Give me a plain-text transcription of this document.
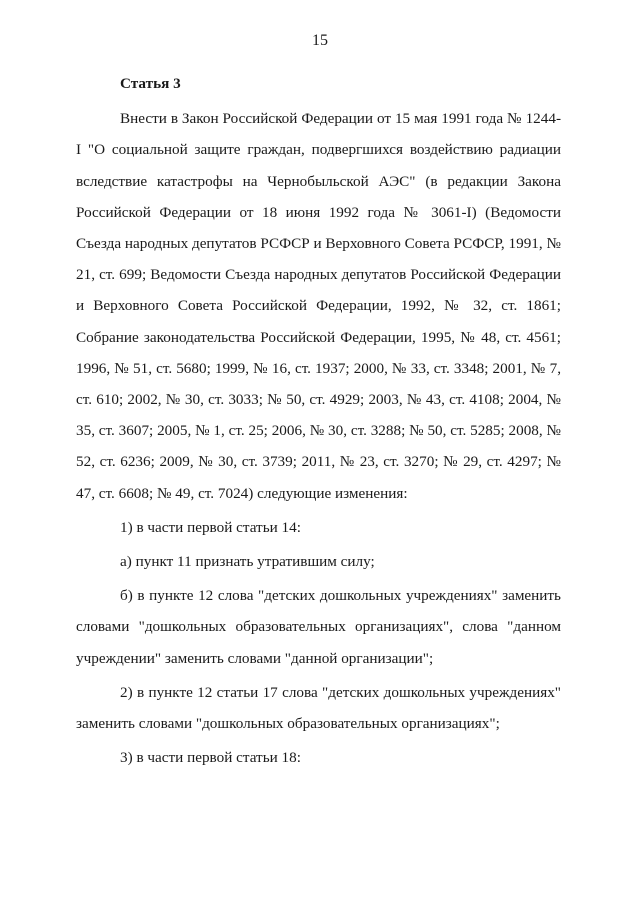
15
Статья 3

Внести в Закон Российской Федерации от 15 мая 1991 года № 1244-I "О социальной защите граждан, подвергшихся воздействию радиации вследствие катастрофы на Чернобыльской АЭС" (в редакции Закона Российской Федерации от 18 июня 1992 года № 3061-I) (Ведомости Съезда народных депутатов РСФСР и Верховного Совета РСФСР, 1991, № 21, ст. 699; Ведомости Съезда народных депутатов Российской Федерации и Верховного Совета Российской Федерации, 1992, № 32, ст. 1861; Собрание законодательства Российской Федерации, 1995, № 48, ст. 4561; 1996, № 51, ст. 5680; 1999, № 16, ст. 1937; 2000, № 33, ст. 3348; 2001, № 7, ст. 610; 2002, № 30, ст. 3033; № 50, ст. 4929; 2003, № 43, ст. 4108; 2004, № 35, ст. 3607; 2005, № 1, ст. 25; 2006, № 30, ст. 3288; № 50, ст. 5285; 2008, № 52, ст. 6236; 2009, № 30, ст. 3739; 2011, № 23, ст. 3270; № 29, ст. 4297; № 47, ст. 6608; № 49, ст. 7024) следующие изменения:

1) в части первой статьи 14:

а) пункт 11 признать утратившим силу;

б) в пункте 12 слова "детских дошкольных учреждениях" заменить словами "дошкольных образовательных организациях", слова "данном учреждении" заменить словами "данной организации";

2) в пункте 12 статьи 17 слова "детских дошкольных учреждениях" заменить словами "дошкольных образовательных организациях";

3) в части первой статьи 18:
